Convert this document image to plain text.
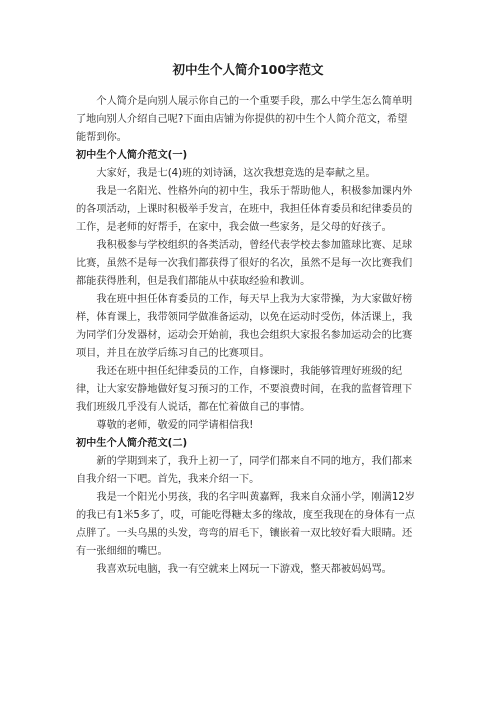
初中生个人简介100字范文

个人简介是向别人展示你自己的一个重要手段，那么中学生怎么简单明了地向别人介绍自己呢?下面由店铺为你提供的初中生个人简介范文，希望能帮到你。

初中生个人简介范文(一)

大家好，我是七(4)班的刘诗涵，这次我想竞选的是奉献之星。

我是一名阳光、性格外向的初中生，我乐于帮助他人，积极参加课内外的各项活动，上课时积极举手发言，在班中，我担任体育委员和纪律委员的工作，是老师的好帮手，在家中，我会做一些家务，是父母的好孩子。

我积极参与学校组织的各类活动，曾经代表学校去参加篮球比赛、足球比赛，虽然不是每一次我们都获得了很好的名次，虽然不是每一次比赛我们都能获得胜利，但是我们都能从中获取经验和教训。

我在班中担任体育委员的工作，每天早上我为大家带操，为大家做好榜样，体育课上，我带领同学做准备运动，以免在运动时受伤，体活课上，我为同学们分发器材，运动会开始前，我也会组织大家报名参加运动会的比赛项目，并且在放学后练习自己的比赛项目。

我还在班中担任纪律委员的工作，自修课时，我能够管理好班级的纪律，让大家安静地做好复习预习的工作，不要浪费时间，在我的监督管理下我们班级几乎没有人说话，都在忙着做自己的事情。

尊敬的老师，敬爱的同学请相信我!

初中生个人简介范文(二)

新的学期到来了，我升上初一了，同学们都来自不同的地方，我们都来自我介绍一下吧。首先，我来介绍一下。

我是一个阳光小男孩，我的名字叫黄嘉辉，我来自众涌小学，刚满12岁的我已有1米5多了，哎，可能吃得糖太多的缘故，度至我现在的身体有一点点胖了。一头乌黑的头发，弯弯的眉毛下，镶嵌着一双比较好看大眼睛。还有一张细细的嘴巴。

我喜欢玩电脑，我一有空就来上网玩一下游戏，整天都被妈妈骂。
